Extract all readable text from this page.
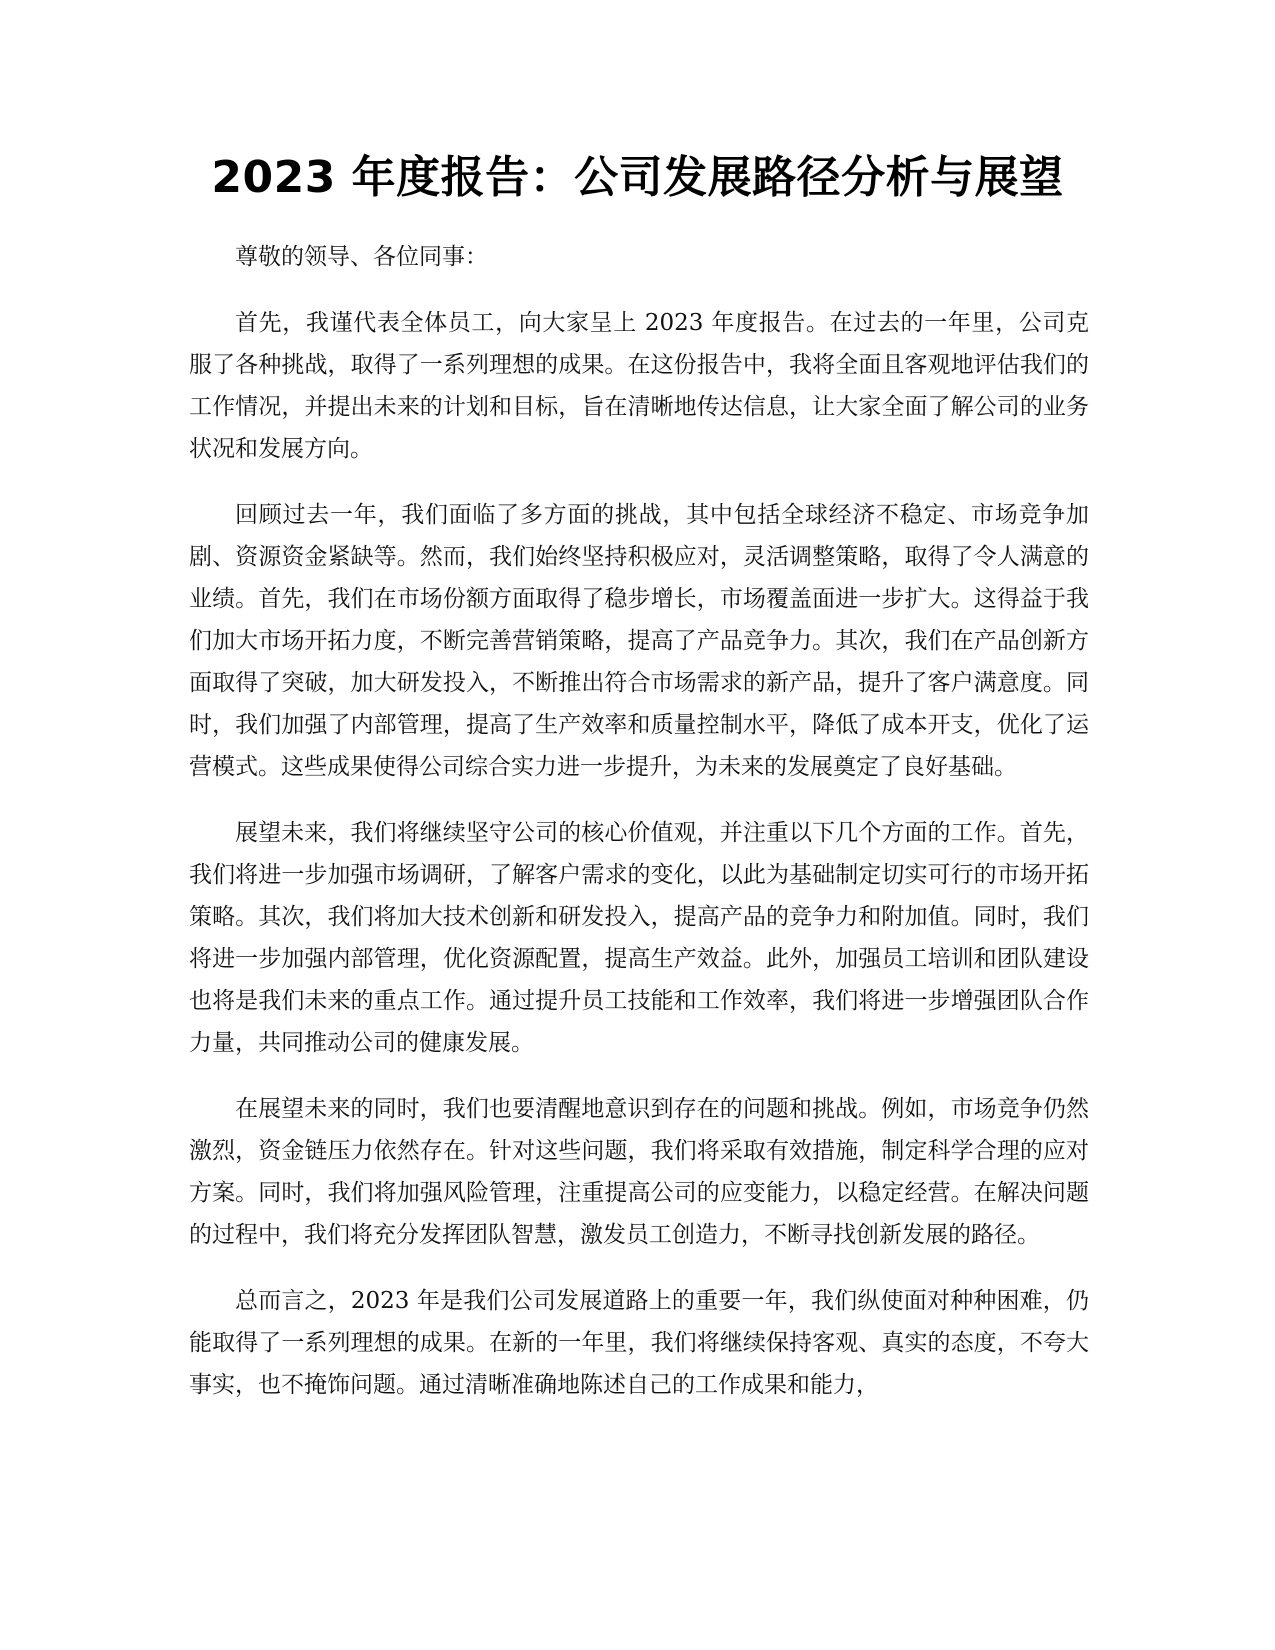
2023 年度报告：公司发展路径分析与展望

尊敬的领导、各位同事：

首先，我谨代表全体员工，向大家呈上 2023 年度报告。在过去的一年里，公司克服了各种挑战，取得了一系列理想的成果。在这份报告中，我将全面且客观地评估我们的工作情况，并提出未来的计划和目标，旨在清晰地传达信息，让大家全面了解公司的业务状况和发展方向。

回顾过去一年，我们面临了多方面的挑战，其中包括全球经济不稳定、市场竞争加剧、资源资金紧缺等。然而，我们始终坚持积极应对，灵活调整策略，取得了令人满意的业绩。首先，我们在市场份额方面取得了稳步增长，市场覆盖面进一步扩大。这得益于我们加大市场开拓力度，不断完善营销策略，提高了产品竞争力。其次，我们在产品创新方面取得了突破，加大研发投入，不断推出符合市场需求的新产品，提升了客户满意度。同时，我们加强了内部管理，提高了生产效率和质量控制水平，降低了成本开支，优化了运营模式。这些成果使得公司综合实力进一步提升，为未来的发展奠定了良好基础。

展望未来，我们将继续坚守公司的核心价值观，并注重以下几个方面的工作。首先，我们将进一步加强市场调研，了解客户需求的变化，以此为基础制定切实可行的市场开拓策略。其次，我们将加大技术创新和研发投入，提高产品的竞争力和附加值。同时，我们将进一步加强内部管理，优化资源配置，提高生产效益。此外，加强员工培训和团队建设也将是我们未来的重点工作。通过提升员工技能和工作效率，我们将进一步增强团队合作力量，共同推动公司的健康发展。

在展望未来的同时，我们也要清醒地意识到存在的问题和挑战。例如，市场竞争仍然激烈，资金链压力依然存在。针对这些问题，我们将采取有效措施，制定科学合理的应对方案。同时，我们将加强风险管理，注重提高公司的应变能力，以稳定经营。在解决问题的过程中，我们将充分发挥团队智慧，激发员工创造力，不断寻找创新发展的路径。

总而言之，2023 年是我们公司发展道路上的重要一年，我们纵使面对种种困难，仍能取得了一系列理想的成果。在新的一年里，我们将继续保持客观、真实的态度，不夸大事实，也不掩饰问题。通过清晰准确地陈述自己的工作成果和能力，
